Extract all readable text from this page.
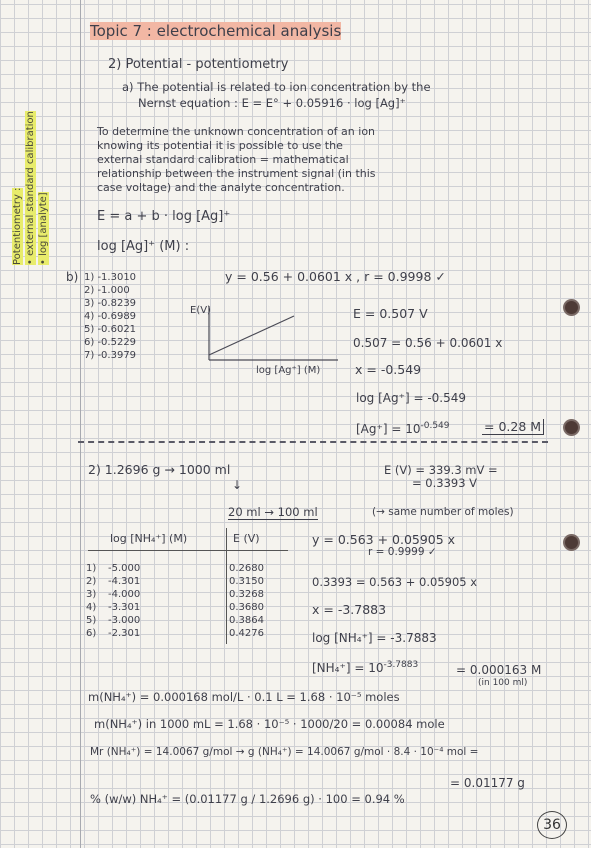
Potentiometry : • external standard calibration • log [analyte]
Topic 7 : electrochemical analysis
2) Potential - potentiometry
a) The potential is related to ion concentration by the
Nernst equation : E = E° + 0.05916 · log [Ag]⁺
To determine the unknown concentration of an ion
knowing its potential it is possible to use the
external standard calibration = mathematical
relationship between the instrument signal (in this
case voltage) and the analyte concentration.
E = a + b · log [Ag]⁺
log [Ag]⁺ (M) :
b) 1) -1.3010
2) -1.000
3) -0.8239
4) -0.6989
5) -0.6021
6) -0.5229
7) -0.3979
y = 0.56 + 0.0601 x , r = 0.9998 ✓
E(V)
log [Ag⁺] (M)
E = 0.507 V
0.507 = 0.56 + 0.0601 x
x = -0.549
log [Ag⁺] = -0.549
$[Ag^+] = 10^{-0.549}$	= 0.28 M
2) 1.2696 g → 1000 ml
↓
20 ml → 100 ml	(→ same number of moles)
E (V) = 339.3 mV =
= 0.3393 V
log [NH₄⁺] (M)	E (V)
1) -5.000	0.2680
2) -4.301	0.3150
3) -4.000	0.3268
4) -3.301	0.3680
5) -3.000	0.3864
6) -2.301	0.4276
y = 0.563 + 0.05905 x
r = 0.9999 ✓
0.3393 = 0.563 + 0.05905 x
x = -3.7883
log [NH₄⁺] = -3.7883
$[NH_4^+] = 10^{-3.7883}$	= 0.000163 M
(in 100 ml)
m(NH₄⁺) = 0.000168 mol/L · 0.1 L = 1.68 · 10⁻⁵ moles
m(NH₄⁺) in 1000 mL = 1.68 · 10⁻⁵ · 1000/20 = 0.00084 mole
Mr (NH₄⁺) = 14.0067 g/mol → g (NH₄⁺) = 14.0067 g/mol · 8.4 · 10⁻⁴ mol =
= 0.01177 g
% (w/w) NH₄⁺ = (0.01177 g / 1.2696 g) · 100 = 0.94 %
36
